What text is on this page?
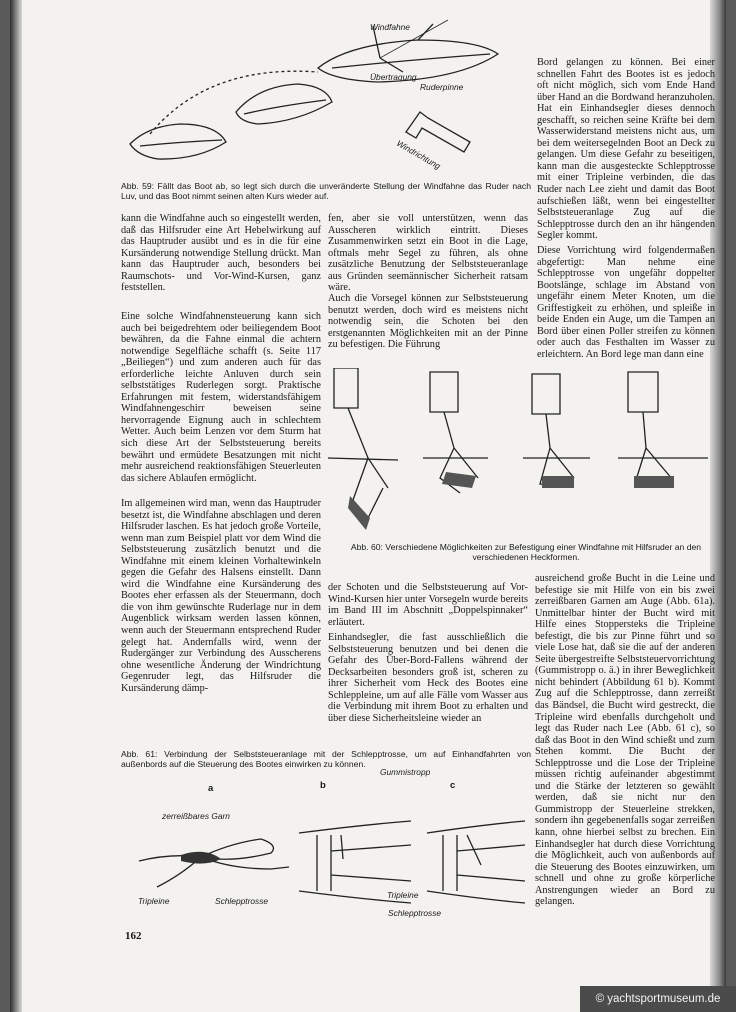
Windfahne
Übertragung
Ruderpinne
Windrichtung
Abb. 59: Fällt das Boot ab, so legt sich durch die unveränderte Stellung der Windfahne das Ruder nach Luv, und das Boot nimmt seinen alten Kurs wieder auf.
Bord gelangen zu können. Bei einer schnellen Fahrt des Bootes ist es jedoch oft nicht möglich, sich vom Ende Hand über Hand an die Bordwand heranzuholen. Hat ein Einhandsegler dieses dennoch geschafft, so reichen seine Kräfte bei dem Wasserwiderstand meistens nicht aus, um bei dem weitersegelnden Boot an Deck zu gelangen. Um diese Gefahr zu beseitigen, kann man die ausgesteckte Schlepptrosse mit einer Tripleine verbinden, die das Ruder nach Lee zieht und damit das Boot aufschießen läßt, wenn bei eingestellter Selbststeueranlage Zug auf die Schlepptrosse durch den an ihr hängenden Segler kommt.
Diese Vorrichtung wird folgendermaßen abgefertigt: Man nehme eine Schlepptrosse von ungefähr doppelter Bootslänge, schlage im Abstand von ungefähr einem Meter Knoten, um die Griffestigkeit zu erhöhen, und spleiße in beide Enden ein Auge, um die Tampen an Bord über einen Poller streifen zu können oder auch das Festhalten im Wasser zu erleichtern. An Bord lege man dann eine
kann die Windfahne auch so eingestellt werden, daß das Hilfsruder eine Art Hebelwirkung auf das Hauptruder ausübt und es in die für eine Kursänderung notwendige Stellung drückt. Man kann das Hauptruder auch, besonders bei Raumschots- und Vor-Wind-Kursen, ganz feststellen.
Eine solche Windfahnensteuerung kann sich auch bei beigedrehtem oder beiliegendem Boot bewähren, da die Fahne einmal die achtern notwendige Segelfläche schafft (s. Seite 117 „Beiliegen“) und zum anderen auch für das erforderliche leichte Anluven durch sein selbststätiges Ruderlegen sorgt. Praktische Erfahrungen mit festem, widerstandsfähigem Windfahnengeschirr beweisen seine hervorragende Eignung auch in schlechtem Wetter. Auch beim Lenzen vor dem Sturm hat sich diese Art der Selbststeuerung bereits bewährt und ermüdete Besatzungen mit nicht mehr ausreichend reaktionsfähigen Steuerleuten das sichere Ablaufen ermöglicht.
Im allgemeinen wird man, wenn das Hauptruder besetzt ist, die Windfahne abschlagen und deren Hilfsruder laschen. Es hat jedoch große Vorteile, wenn man zum Beispiel platt vor dem Wind die Selbststeuerung zusätzlich benutzt und die Windfahne mit einem kleinen Vorhaltewinkeln gegen die Gefahr des Halsens einstellt. Dann wird die Windfahne eine Kursänderung des Bootes eher erfassen als der Steuermann, doch die von ihm gewünschte Ruderlage nur in dem Augenblick wirksam werden lassen können, wenn auch der Steuermann entsprechend Ruder gelegt hat. Andernfalls wird, wenn der Rudergänger zur Verbindung des Ausscherens ohne wesentliche Änderung der Windrichtung Gegenruder legt, das Hilfsruder die Kursänderung dämp-
fen, aber sie voll unterstützen, wenn das Ausscheren wirklich eintritt. Dieses Zusammenwirken setzt ein Boot in die Lage, oftmals mehr Segel zu führen, als ohne zusätzliche Benutzung der Selbststeueranlage aus Gründen seemännischer Sicherheit ratsam wäre.
Auch die Vorsegel können zur Selbststeuerung benutzt werden, doch wird es meistens nicht notwendig sein, die Schoten bei den erstgenannten Möglichkeiten mit an der Pinne zu befestigen. Die Führung
Abb. 60: Verschiedene Möglichkeiten zur Befestigung einer Windfahne mit Hilfsruder an den verschiedenen Heckformen.
der Schoten und die Selbststeuerung auf Vor-Wind-Kursen hier unter Vorsegeln wurde bereits im Band III im Abschnitt „Doppelspinnaker“ erläutert.
Einhandsegler, die fast ausschließlich die Selbststeuerung benutzen und bei denen die Gefahr des Über-Bord-Fallens während der Decksarbeiten besonders groß ist, scheren zu ihrer Sicherheit vom Heck des Bootes eine Schleppleine, um auf alle Fälle vom Wasser aus die Verbindung mit ihrem Boot zu erhalten und über diese Sicherheitsleine wieder an
ausreichend große Bucht in die Leine und befestige sie mit Hilfe von ein bis zwei zerreißbaren Garnen am Auge (Abb. 61a). Unmittelbar hinter der Bucht wird mit Hilfe eines Stoppersteks die Tripleine befestigt, die bis zur Pinne führt und so viele Lose hat, daß sie die auf der anderen Seite übergestreifte Selbststeuervorrichtung (Gummistropp o. ä.) in ihrer Beweglichkeit nicht behindert (Abbildung 61 b). Kommt Zug auf die Schlepptrosse, dann zerreißt das Bändsel, die Bucht wird gestreckt, die Tripleine wird ebenfalls durchgeholt und legt das Ruder nach Lee (Abb. 61 c), so daß das Boot in den Wind schießt und zum Stehen kommt. Die Bucht der Schlepptrosse und die Lose der Tripleine müssen richtig aufeinander abgestimmt und die Stärke der letzteren so gewählt werden, daß sie nicht nur den Gummistropp der Steuerleine strekken, sondern ihn gegebenenfalls sogar zerreißen kann, ohne hierbei selbst zu brechen. Ein Einhandsegler hat durch diese Vorrichtung die Möglichkeit, auch von außenbords auf die Steuerung des Bootes einzuwirken, um schnell und ohne zu große körperliche Anstrengungen wieder an Bord zu gelangen.
Abb. 61: Verbindung der Selbststeueranlage mit der Schlepptrosse, um auf Einhandfahrten von außenbords auf die Steuerung des Bootes einwirken zu können.
a	b	c
zerreißbares Garn
Tripleine	Schlepptrosse
Gummistropp
Tripleine
Schlepptrosse
162
© yachtsportmuseum.de
